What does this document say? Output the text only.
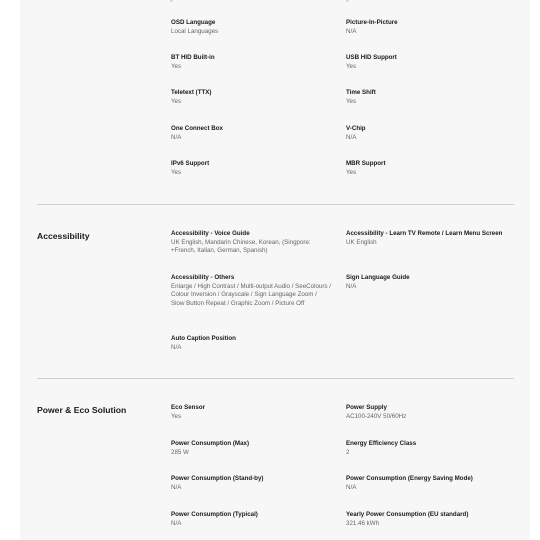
OSD Language
Local Languages
Picture-In-Picture
N/A
BT HID Built-in
Yes
USB HID Support
Yes
Teletext (TTX)
Yes
Time Shift
Yes
One Connect Box
N/A
V-Chip
N/A
IPv6 Support
Yes
MBR Support
Yes
Accessibility	Accessibility - Voice Guide
UK English, Mandarin Chinese, Korean, (Singpore: +French, Italian, German, Spanish)
Accessibility - Learn TV Remote / Learn Menu Screen
UK English
Accessibility - Others
Enlarge / High Contrast / Multi-output Audio / SeeColours / Colour Inversion / Grayscale / Sign Language Zoom / Slow Button Repeat / Graphic Zoom / Picture Off
Sign Language Guide
N/A
Auto Caption Position
N/A
Power & Eco Solution	Eco Sensor
Yes
Power Supply
AC100-240V 50/60Hz
Power Consumption (Max)
285 W
Energy Efficiency Class
2
Power Consumption (Stand-by)
N/A
Power Consumption (Energy Saving Mode)
N/A
Power Consumption (Typical)
N/A
Yearly Power Consumption (EU standard)
321.46 kWh
